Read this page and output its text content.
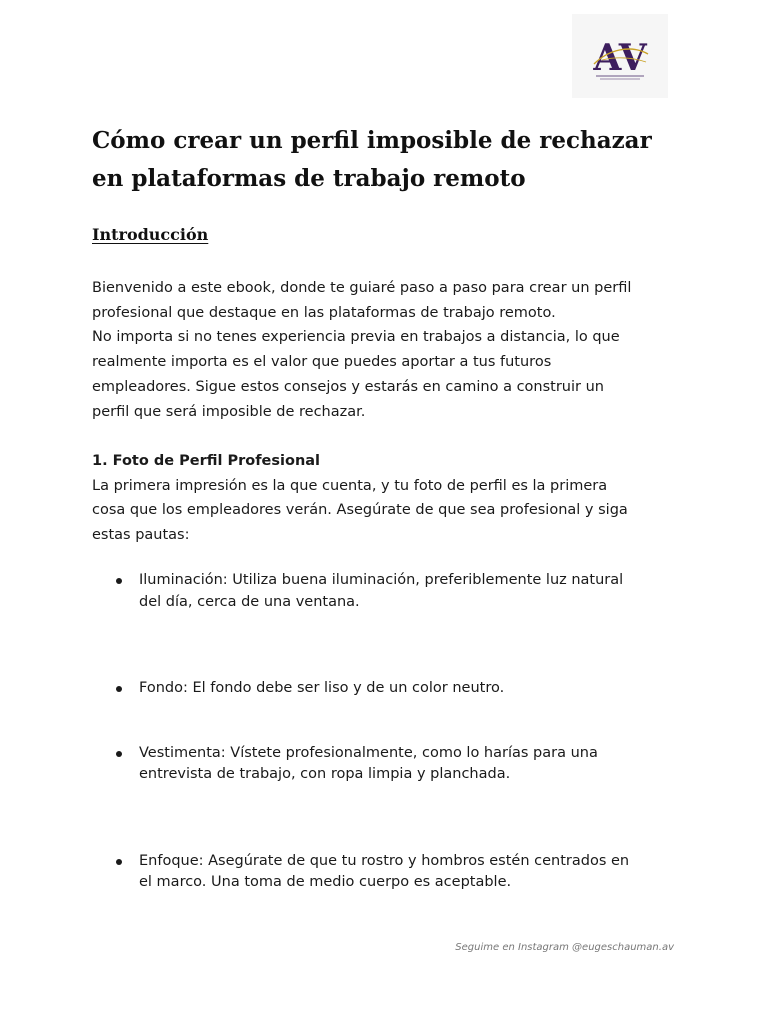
AV
Cómo crear un perfil imposible de rechazar
en plataformas de trabajo remoto
Introducción

Bienvenido a este ebook, donde te guiaré paso a paso para crear un perfil

profesional que destaque en las plataformas de trabajo remoto.

No importa si no tenes experiencia previa en trabajos a distancia, lo que

realmente importa es el valor que puedes aportar a tus futuros

empleadores. Sigue estos consejos y estarás en camino a construir un

perfil que será imposible de rechazar.

1. Foto de Perfil Profesional

La primera impresión es la que cuenta, y tu foto de perfil es la primera

cosa que los empleadores verán. Asegúrate de que sea profesional y siga

estas pautas:

Iluminación: Utiliza buena iluminación, preferiblemente luz natural
del día, cerca de una ventana.
Fondo: El fondo debe ser liso y de un color neutro.
Vestimenta: Vístete profesionalmente, como lo harías para una
entrevista de trabajo, con ropa limpia y planchada.
Enfoque: Asegúrate de que tu rostro y hombros estén centrados en
el marco. Una toma de medio cuerpo es aceptable.
Seguime en Instagram @eugeschauman.av
